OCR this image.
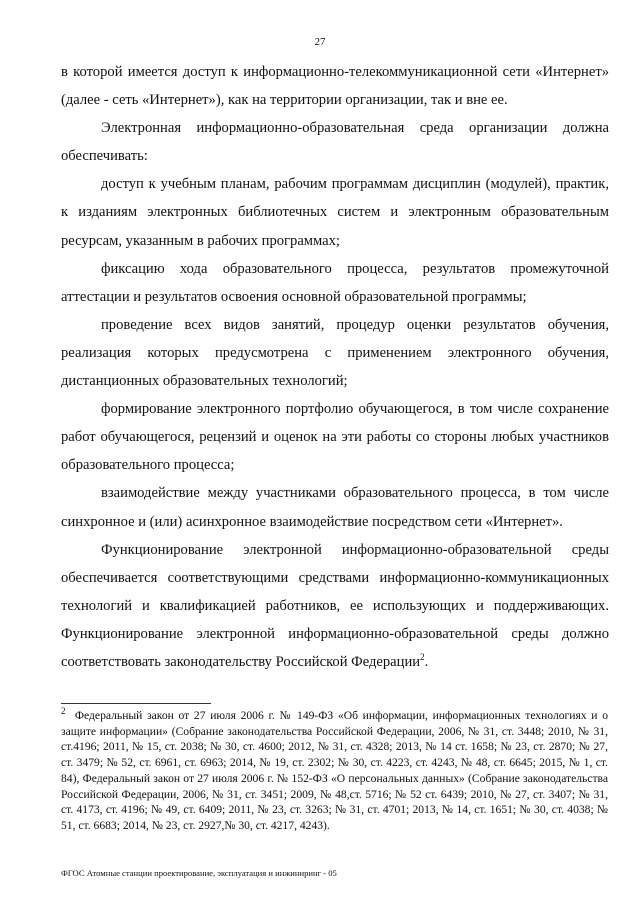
27

в которой имеется доступ к информационно-телекоммуникационной сети «Интернет» (далее - сеть «Интернет»), как на территории организации, так и вне ее.

Электронная информационно-образовательная среда организации должна обеспечивать:

доступ к учебным планам, рабочим программам дисциплин (модулей), практик, к изданиям электронных библиотечных систем и электронным образовательным ресурсам, указанным в рабочих программах;

фиксацию хода образовательного процесса, результатов промежуточной аттестации и результатов освоения основной образовательной программы;

проведение всех видов занятий, процедур оценки результатов обучения, реализация которых предусмотрена с применением электронного обучения, дистанционных образовательных технологий;

формирование электронного портфолио обучающегося, в том числе сохранение работ обучающегося, рецензий и оценок на эти работы со стороны любых участников образовательного процесса;

взаимодействие между участниками образовательного процесса, в том числе синхронное и (или) асинхронное взаимодействие посредством сети «Интернет».

Функционирование электронной информационно-образовательной среды обеспечивается соответствующими средствами информационно-коммуникационных технологий и квалификацией работников, ее использующих и поддерживающих. Функционирование электронной информационно-образовательной среды должно соответствовать законодательству Российской Федерации$^2$.

$^2$ Федеральный закон от 27 июля 2006 г. № 149-ФЗ «Об информации, информационных технологиях и о защите информации» (Собрание законодательства Российской Федерации, 2006, № 31, ст. 3448; 2010, № 31, ст.4196; 2011, № 15, ст. 2038; № 30, ст. 4600; 2012, № 31, ст. 4328; 2013, № 14 ст. 1658; № 23, ст. 2870; № 27, ст. 3479; № 52, ст. 6961, ст. 6963; 2014, № 19, ст. 2302; № 30, ст. 4223, ст. 4243, № 48, ст. 6645; 2015, № 1, ст. 84), Федеральный закон от 27 июля 2006 г. № 152-ФЗ «О персональных данных» (Собрание законодательства Российской Федерации, 2006, № 31, ст. 3451; 2009, № 48,ст. 5716; № 52 ст. 6439; 2010, № 27, ст. 3407; № 31, ст. 4173, ст. 4196; № 49, ст. 6409; 2011, № 23, ст. 3263; № 31, ст. 4701; 2013, № 14, ст. 1651; № 30, ст. 4038; № 51, ст. 6683; 2014, № 23, ст. 2927,№ 30, ст. 4217, 4243).

ФГОС Атомные станции проектирование, эксплуатация и инжиниринг - 05
